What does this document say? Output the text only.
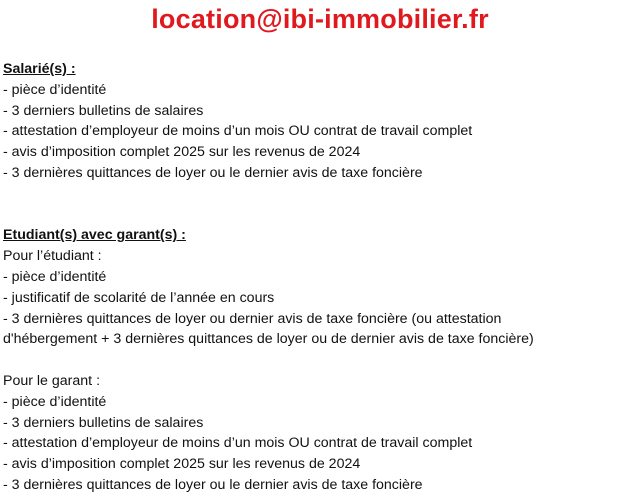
location@ibi-immobilier.fr
Salarié(s) :
- pièce d’identité
- 3 derniers bulletins de salaires
- attestation d’employeur de moins d’un mois OU contrat de travail complet
- avis d’imposition complet 2025 sur les revenus de 2024
- 3 dernières quittances de loyer ou le dernier avis de taxe foncière
Etudiant(s) avec garant(s) :
Pour l’étudiant :
- pièce d’identité
- justificatif de scolarité de l’année en cours
- 3 dernières quittances de loyer ou dernier avis de taxe foncière (ou attestation
d'hébergement + 3 dernières quittances de loyer ou de dernier avis de taxe foncière)
Pour le garant :
- pièce d’identité
- 3 derniers bulletins de salaires
- attestation d’employeur de moins d’un mois OU contrat de travail complet
- avis d’imposition complet 2025 sur les revenus de 2024
- 3 dernières quittances de loyer ou le dernier avis de taxe foncière
